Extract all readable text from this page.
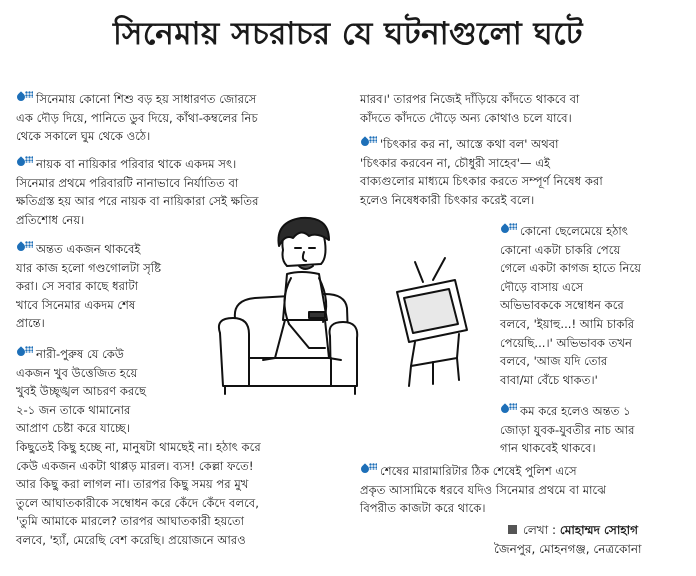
সিনেমায় সচরাচর যে ঘটনাগুলো ঘটে
সিনেমায় কোনো শিশু বড় হয় সাধারণত জোরসে
এক দৌড় দিয়ে, পানিতে ডুব দিয়ে, কাঁথা-কম্বলের নিচ
থেকে সকালে ঘুম থেকে ওঠে।
নায়ক বা নায়িকার পরিবার থাকে একদম সৎ।
সিনেমার প্রথমে পরিবারটি নানাভাবে নির্যাতিত বা
ক্ষতিগ্রস্ত হয় আর পরে নায়ক বা নায়িকারা সেই ক্ষতির
প্রতিশোধ নেয়।
অন্তত একজন থাকবেই
যার কাজ হলো গণ্ডগোলটা সৃষ্টি
করা। সে সবার কাছে ধরাটা
খাবে সিনেমার একদম শেষ
প্রান্তে।
নারী-পুরুষ যে কেউ
একজন খুব উত্তেজিত হয়ে
খুবই উচ্ছৃঙ্খল আচরণ করছে
২-১ জন তাকে থামানোর
আপ্রাণ চেষ্টা করে যাচ্ছে।
কিছুতেই কিছু হচ্ছে না, মানুষটা থামছেই না। হঠাৎ করে
কেউ একজন একটা থাপ্পড় মারল। ব্যস! কেল্লা ফতে!
আর কিছু করা লাগল না। তারপর কিছু সময় পর মুখ
তুলে আঘাতকারীকে সম্বোধন করে কেঁদে কেঁদে বলবে,
'তুমি আমাকে মারলে? তারপর আঘাতকারী হয়তো
বলবে, 'হ্যাঁ, মেরেছি বেশ করেছি। প্রয়োজনে আরও
মারব।' তারপর নিজেই দাঁড়িয়ে কাঁদতে থাকবে বা
কাঁদতে কাঁদতে দৌড়ে অন্য কোথাও চলে যাবে।
'চিৎকার কর না, আস্তে কথা বল' অথবা
'চিৎকার করবেন না, চৌধুরী সাহেব'— এই
বাক্যগুলোর মাধ্যমে চিৎকার করতে সম্পূর্ণ নিষেধ করা
হলেও নিষেধকারী চিৎকার করেই বলে।
কোনো ছেলেমেয়ে হঠাৎ
কোনো একটা চাকরি পেয়ে
গেলে একটা কাগজ হাতে নিয়ে
দৌড়ে বাসায় এসে
অভিভাবককে সম্বোধন করে
বলবে, 'ইয়াহু...! আমি চাকরি
পেয়েছি...।' অভিভাবক তখন
বলবে, 'আজ যদি তোর
বাবা/মা বেঁচে থাকত।'
কম করে হলেও অন্তত ১
জোড়া যুবক-যুবতীর নাচ আর
গান থাকবেই থাকবে।
শেষের মারামারিটার ঠিক শেষেই পুলিশ এসে
প্রকৃত আসামিকে ধরবে যদিও সিনেমার প্রথমে বা মাঝে
বিপরীত কাজটা করে থাকে।
লেখা : মোহাম্মদ সোহাগ
জৈনপুর, মোহনগঞ্জ, নেত্রকোনা
